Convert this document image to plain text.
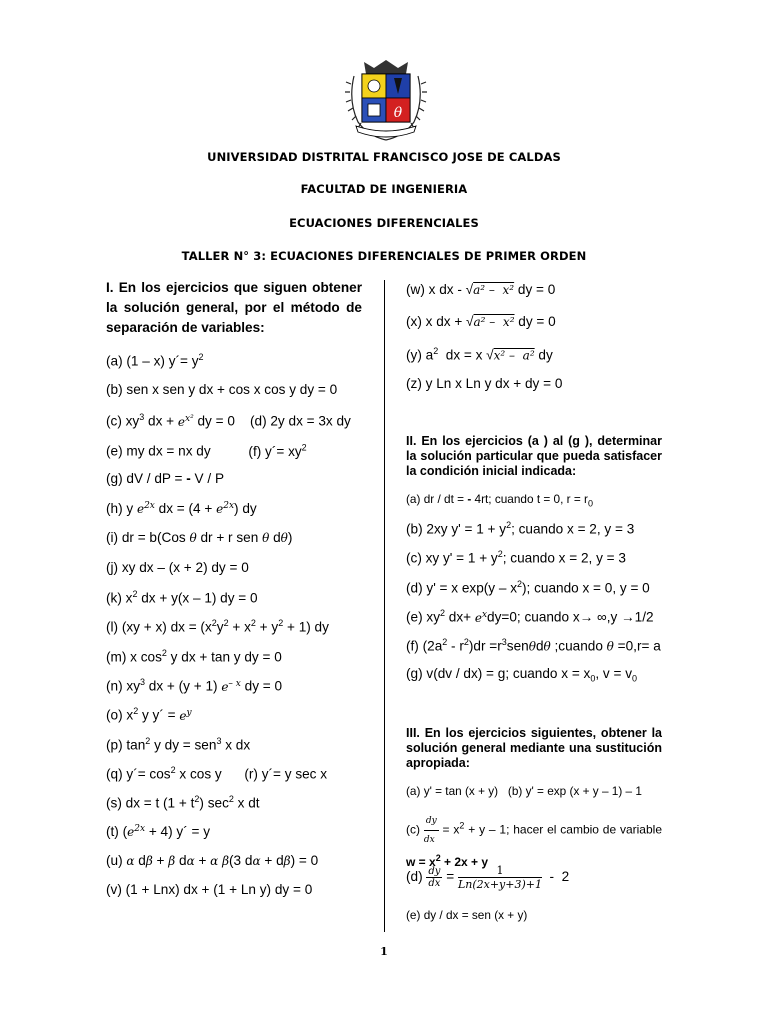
θ
UNIVERSIDAD DISTRITAL FRANCISCO JOSE DE CALDAS
FACULTAD DE INGENIERIA
ECUACIONES DIFERENCIALES
TALLER N° 3: ECUACIONES DIFERENCIALES DE PRIMER ORDEN
I. En los ejercicios que siguen obtener la solución general, por el método de separación de variables:
(a) (1 – x) y´= $y^2$
(b) sen x sen y dx + cos x cos y dy = 0
(c) $xy^3$ dx + $e^{x^2}$ dy = 0    (d) 2y dx = 3x dy
(e) my dx = nx dy	(f) y´= $xy^2$
(g) dV / dP = - V / P
(h) y $e^{2x}$ dx = $(4 + e^{2x})$ dy
(i) dr = b(Cos θ dr + r sen θ dθ)
(j) xy dx – (x + 2) dy = 0
(k) $x^2$ dx + y(x – 1) dy = 0
(l) (xy + x) dx = $(x^2y^2 + x^2 + y^2 + 1)$ dy
(m) x $\cos^2 y$ dx + tan y dy = 0
(n) $xy^3$ dx + (y + 1) $e^{- x}$ dy = 0
(o) $x^2$ y y´ = $e^y$
(p) $\tan^2 y$ dy = sen$^3$ x dx
(q) y´= $\cos^2 x$ cos y      (r) y´= y sec x
(s) dx = t $(1 + t^2)$ $\sec^2 x$ dt
(t) $(e^{2x} + 4)$ y´ = y
(u) α dβ + β dα + α β(3 dα + dβ) = 0
(v) (1 + Lnx) dx + (1 + Ln y) dy = 0
(w) x dx - √a² –  x² dy = 0
(x) x dx + √a² –  x² dy = 0
(y) $a^2$  dx = x √x² –  a² dy
(z) y Ln x Ln y dx + dy = 0
II. En los ejercicios (a ) al (g ), determinar la solución particular que pueda satisfacer la condición inicial indicada:
(a) dr / dt = - 4rt; cuando t = 0, $r = r_0$
(b) 2xy $y' = 1 + y^2$; cuando x = 2, y = 3
(c) xy $y' = 1 + y^2$; cuando x = 2, y = 3
(d) y' = x $\exp(y - x^2)$; cuando x = 0, y = 0
(e) $xy^2$ $dx+ e^xdy=0$; cuando x→ ∞,y →1/2
(f) $(2a^2 - r^2)dr =r^3sen\theta d\theta$ ;cuando θ =0,r= a
(g) v(dv / dx) = g; cuando $x = x_0$, $v = v_0$
III. En los ejercicios siguientes, obtener la solución general mediante una sustitución apropiada:
(a) y' = tan (x + y) (b) y' = exp (x + y – 1) – 1
$(c) \frac{dy}{dx} = x^2 + y - 1$; hacer el cambio de variable $w = x^2 + 2x + y$
$(d) \frac{dy}{dx} = \frac{1}{Ln(2x+y+3)+1} - 2$
(e) dy / dx = sen (x + y)
1
